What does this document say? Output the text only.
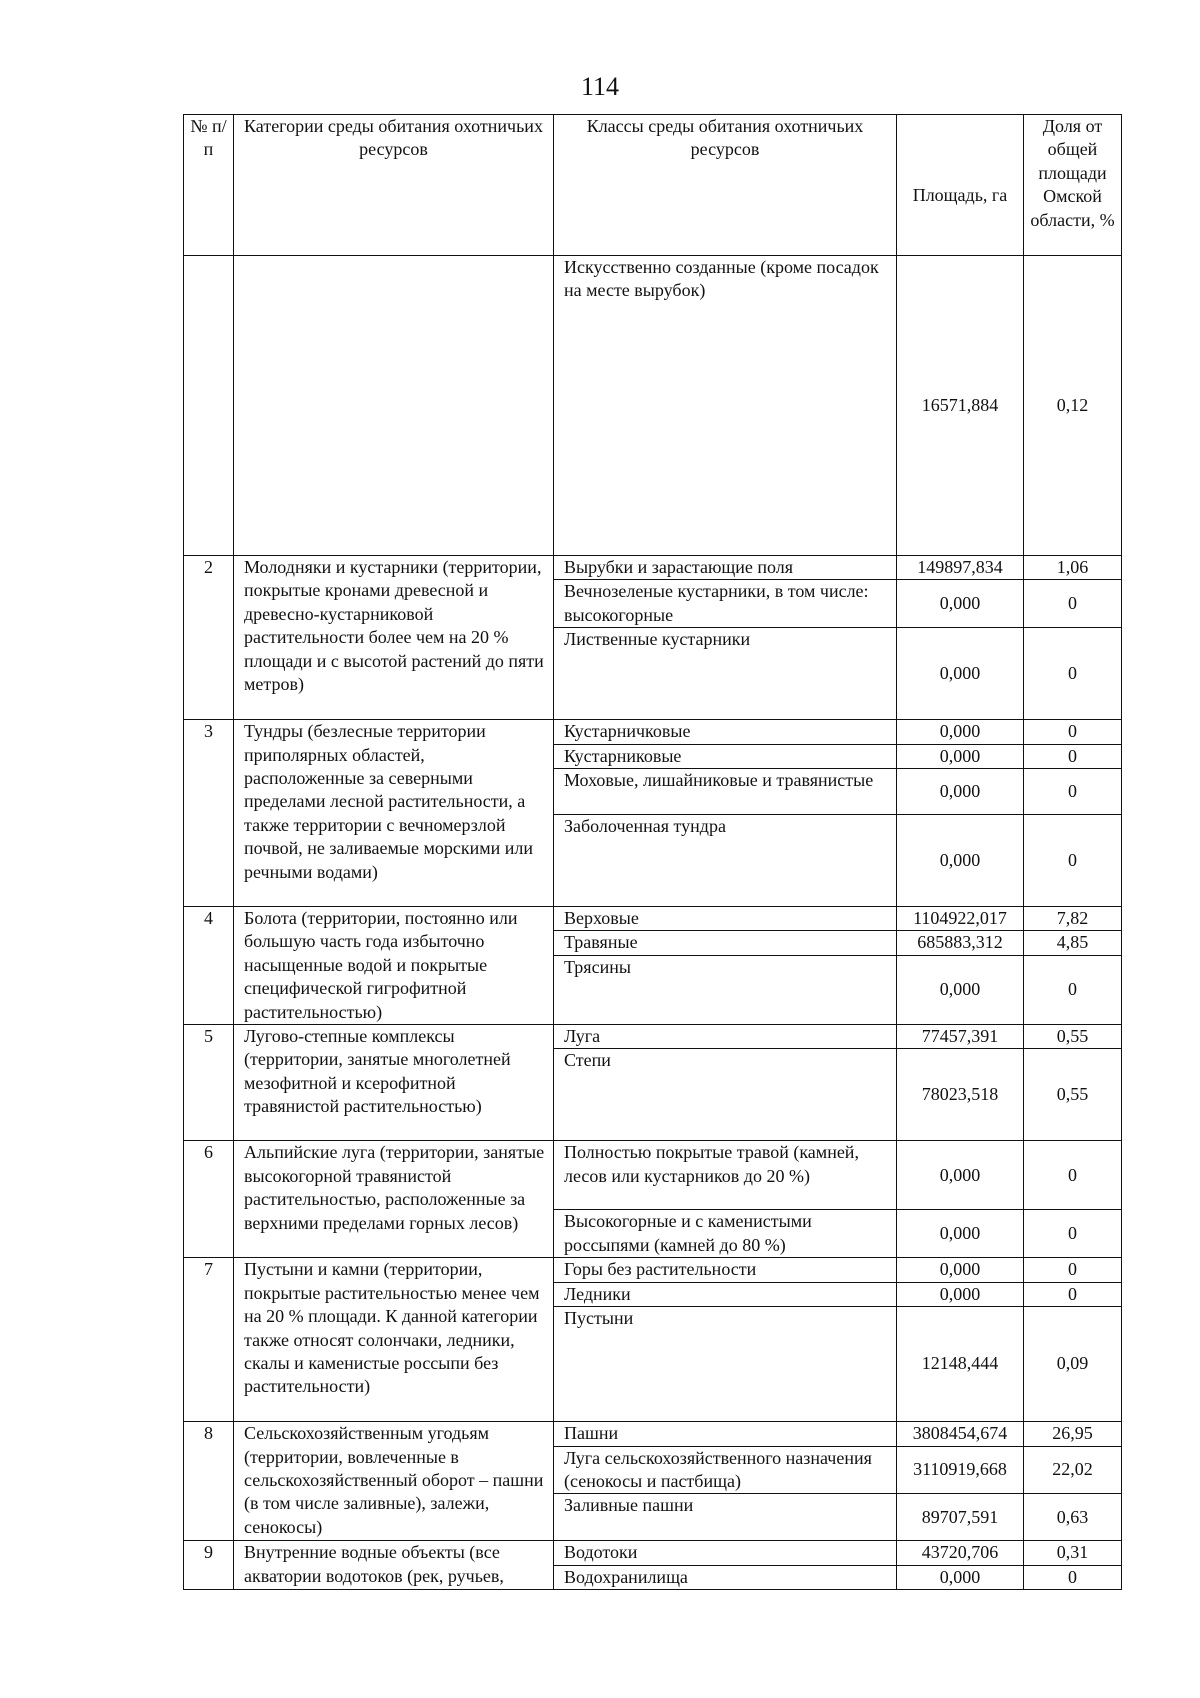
114
№ п/п	Категории среды обитания охотничьих ресурсов	Классы среды обитания охотничьих ресурсов	Площадь, га	Доля от общей площади Омской области, %
		Искусственно созданные (кроме посадок на месте вырубок)	16571,884	0,12
2	Молодняки и кустарники (территории, покрытые кронами древесной и древесно-кустарниковой растительности более чем на 20 % площади и с высотой растений до пяти метров)	Вырубки и зарастающие поля	149897,834	1,06
		Вечнозеленые кустарники, в том числе: высокогорные	0,000	0
		Лиственные кустарники	0,000	0
3	Тундры (безлесные территории приполярных областей, расположенные за северными пределами лесной растительности, а также территории с вечномерзлой почвой, не заливаемые морскими или речными водами)	Кустарничковые	0,000	0
		Кустарниковые	0,000	0
		Моховые, лишайниковые и травянистые	0,000	0
		Заболоченная тундра	0,000	0
4	Болота (территории, постоянно или большую часть года избыточно насыщенные водой и покрытые специфической гигрофитной растительностью)	Верховые	1104922,017	7,82
		Травяные	685883,312	4,85
		Трясины	0,000	0
5	Лугово-степные комплексы (территории, занятые многолетней мезофитной и ксерофитной травянистой растительностью)	Луга	77457,391	0,55
		Степи	78023,518	0,55
6	Альпийские луга (территории, занятые высокогорной травянистой растительностью, расположенные за верхними пределами горных лесов)	Полностью покрытые травой (камней, лесов или кустарников до 20 %)	0,000	0
		Высокогорные и с каменистыми россыпями (камней до 80 %)	0,000	0
7	Пустыни и камни (территории, покрытые растительностью менее чем на 20 % площади. К данной категории также относят солончаки, ледники, скалы и каменистые россыпи без растительности)	Горы без растительности	0,000	0
		Ледники	0,000	0
		Пустыни	12148,444	0,09
8	Сельскохозяйственным угодьям (территории, вовлеченные в сельскохозяйственный оборот – пашни (в том числе заливные), залежи, сенокосы)	Пашни	3808454,674	26,95
		Луга сельскохозяйственного назначения (сенокосы и пастбища)	3110919,668	22,02
		Заливные пашни	89707,591	0,63
9	Внутренние водные объекты (все акватории водотоков (рек, ручьев,	Водотоки	43720,706	0,31
		Водохранилища	0,000	0
